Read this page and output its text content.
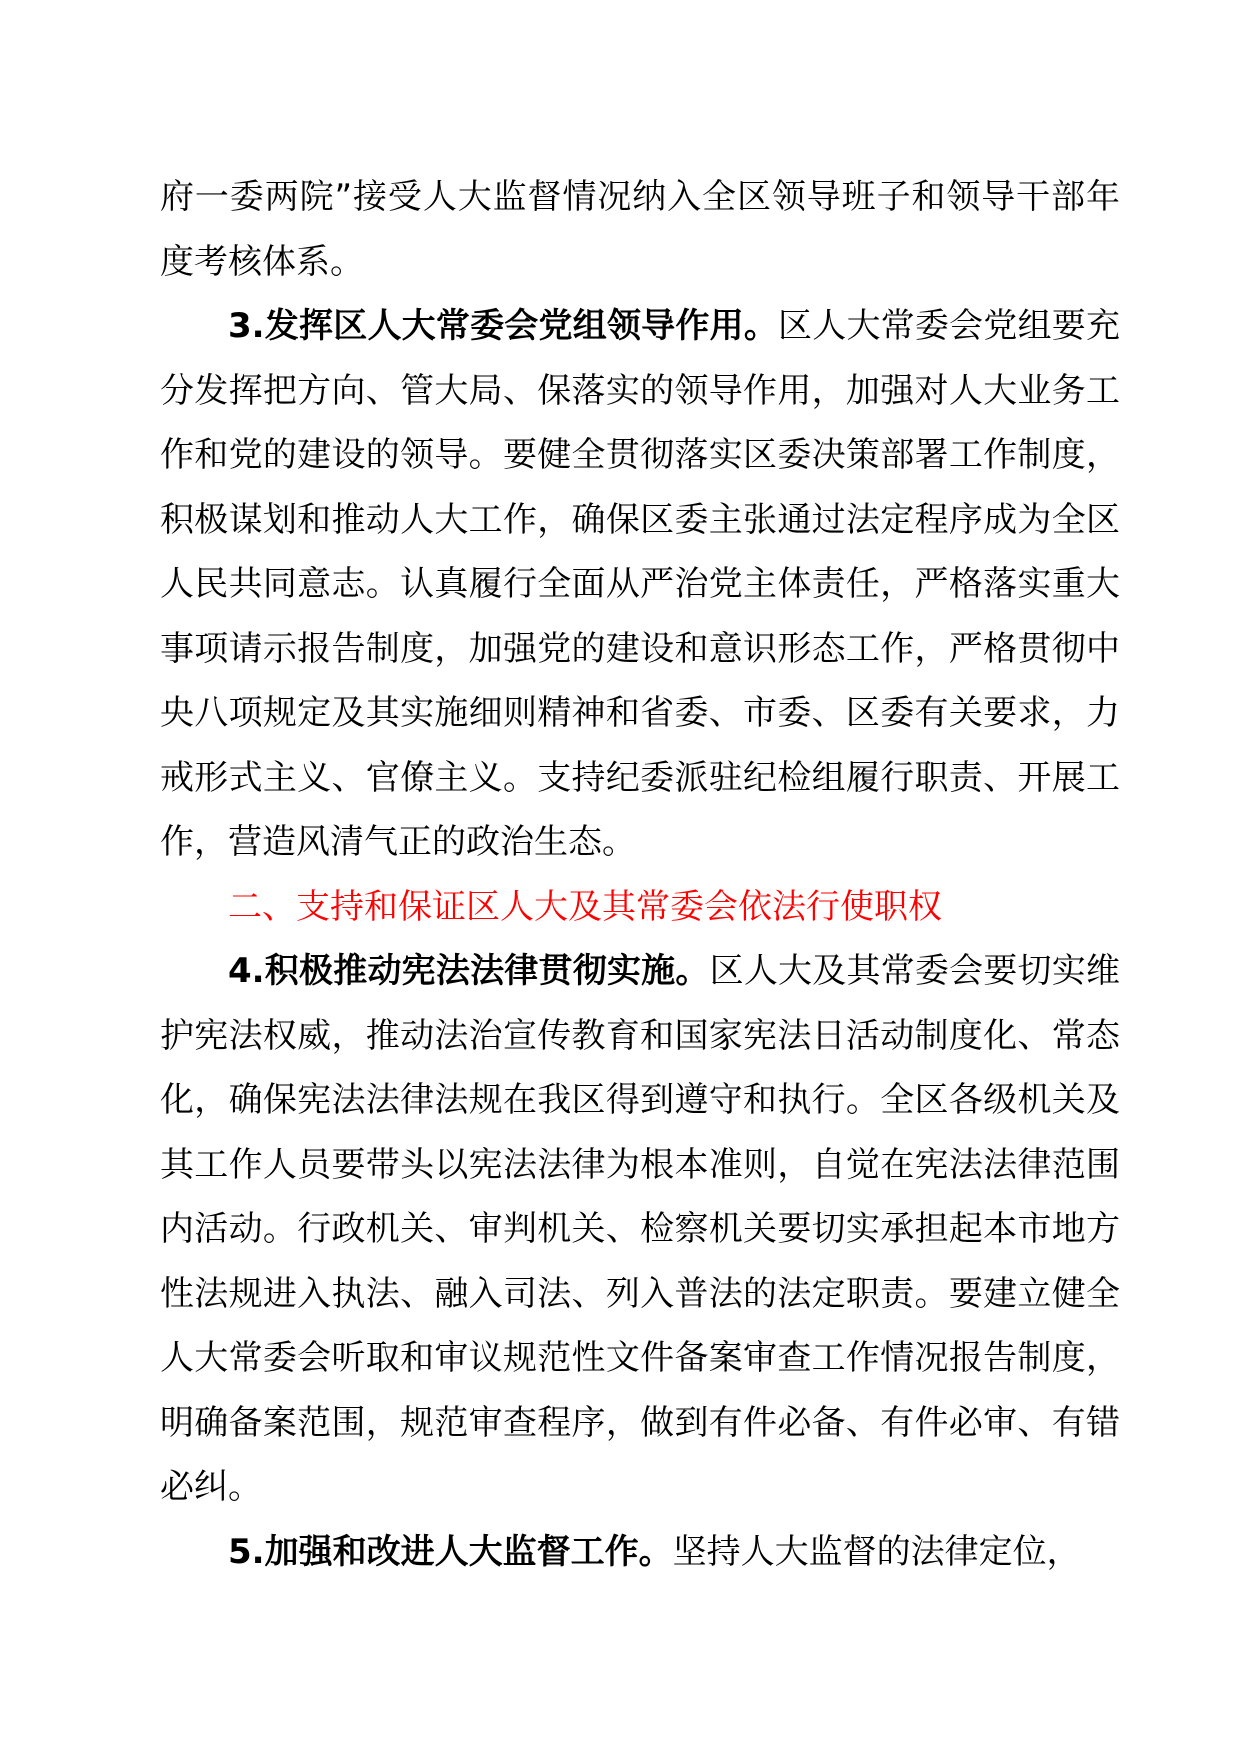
府一委两院”接受人大监督情况纳入全区领导班子和领导干部年度考核体系。

3.发挥区人大常委会党组领导作用。区人大常委会党组要充分发挥把方向、管大局、保落实的领导作用，加强对人大业务工作和党的建设的领导。要健全贯彻落实区委决策部署工作制度，积极谋划和推动人大工作，确保区委主张通过法定程序成为全区人民共同意志。认真履行全面从严治党主体责任，严格落实重大事项请示报告制度，加强党的建设和意识形态工作，严格贯彻中央八项规定及其实施细则精神和省委、市委、区委有关要求，力戒形式主义、官僚主义。支持纪委派驻纪检组履行职责、开展工作，营造风清气正的政治生态。

二、支持和保证区人大及其常委会依法行使职权

4.积极推动宪法法律贯彻实施。区人大及其常委会要切实维护宪法权威，推动法治宣传教育和国家宪法日活动制度化、常态化，确保宪法法律法规在我区得到遵守和执行。全区各级机关及其工作人员要带头以宪法法律为根本准则，自觉在宪法法律范围内活动。行政机关、审判机关、检察机关要切实承担起本市地方性法规进入执法、融入司法、列入普法的法定职责。要建立健全人大常委会听取和审议规范性文件备案审查工作情况报告制度，明确备案范围，规范审查程序，做到有件必备、有件必审、有错必纠。

5.加强和改进人大监督工作。坚持人大监督的法律定位，
